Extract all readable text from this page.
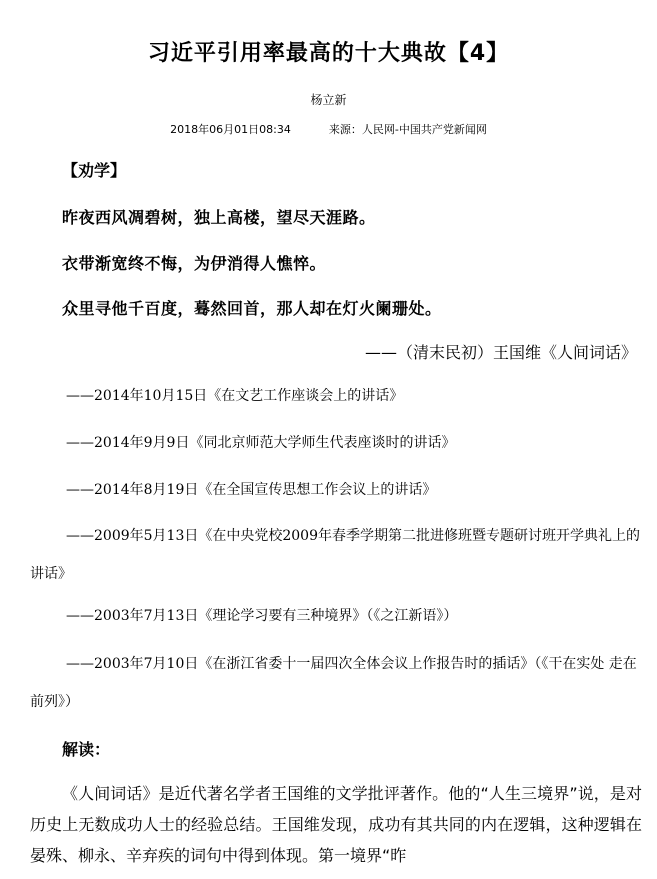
习近平引用率最高的十大典故【4】
杨立新
2018年06月01日08:34	来源：人民网-中国共产党新闻网
【劝学】
昨夜西风凋碧树，独上高楼，望尽天涯路。
衣带渐宽终不悔，为伊消得人憔悴。
众里寻他千百度，蓦然回首，那人却在灯火阑珊处。
——（清末民初）王国维《人间词话》
——2014年10月15日《在文艺工作座谈会上的讲话》
——2014年9月9日《同北京师范大学师生代表座谈时的讲话》
——2014年8月19日《在全国宣传思想工作会议上的讲话》
——2009年5月13日《在中央党校2009年春季学期第二批进修班暨专题研讨班开学典礼上的讲话》
——2003年7月13日《理论学习要有三种境界》（《之江新语》）
——2003年7月10日《在浙江省委十一届四次全体会议上作报告时的插话》（《干在实处 走在前列》）
解读：
《人间词话》是近代著名学者王国维的文学批评著作。他的“人生三境界”说，是对历史上无数成功人士的经验总结。王国维发现，成功有其共同的内在逻辑，这种逻辑在晏殊、柳永、辛弃疾的词句中得到体现。第一境界“昨
